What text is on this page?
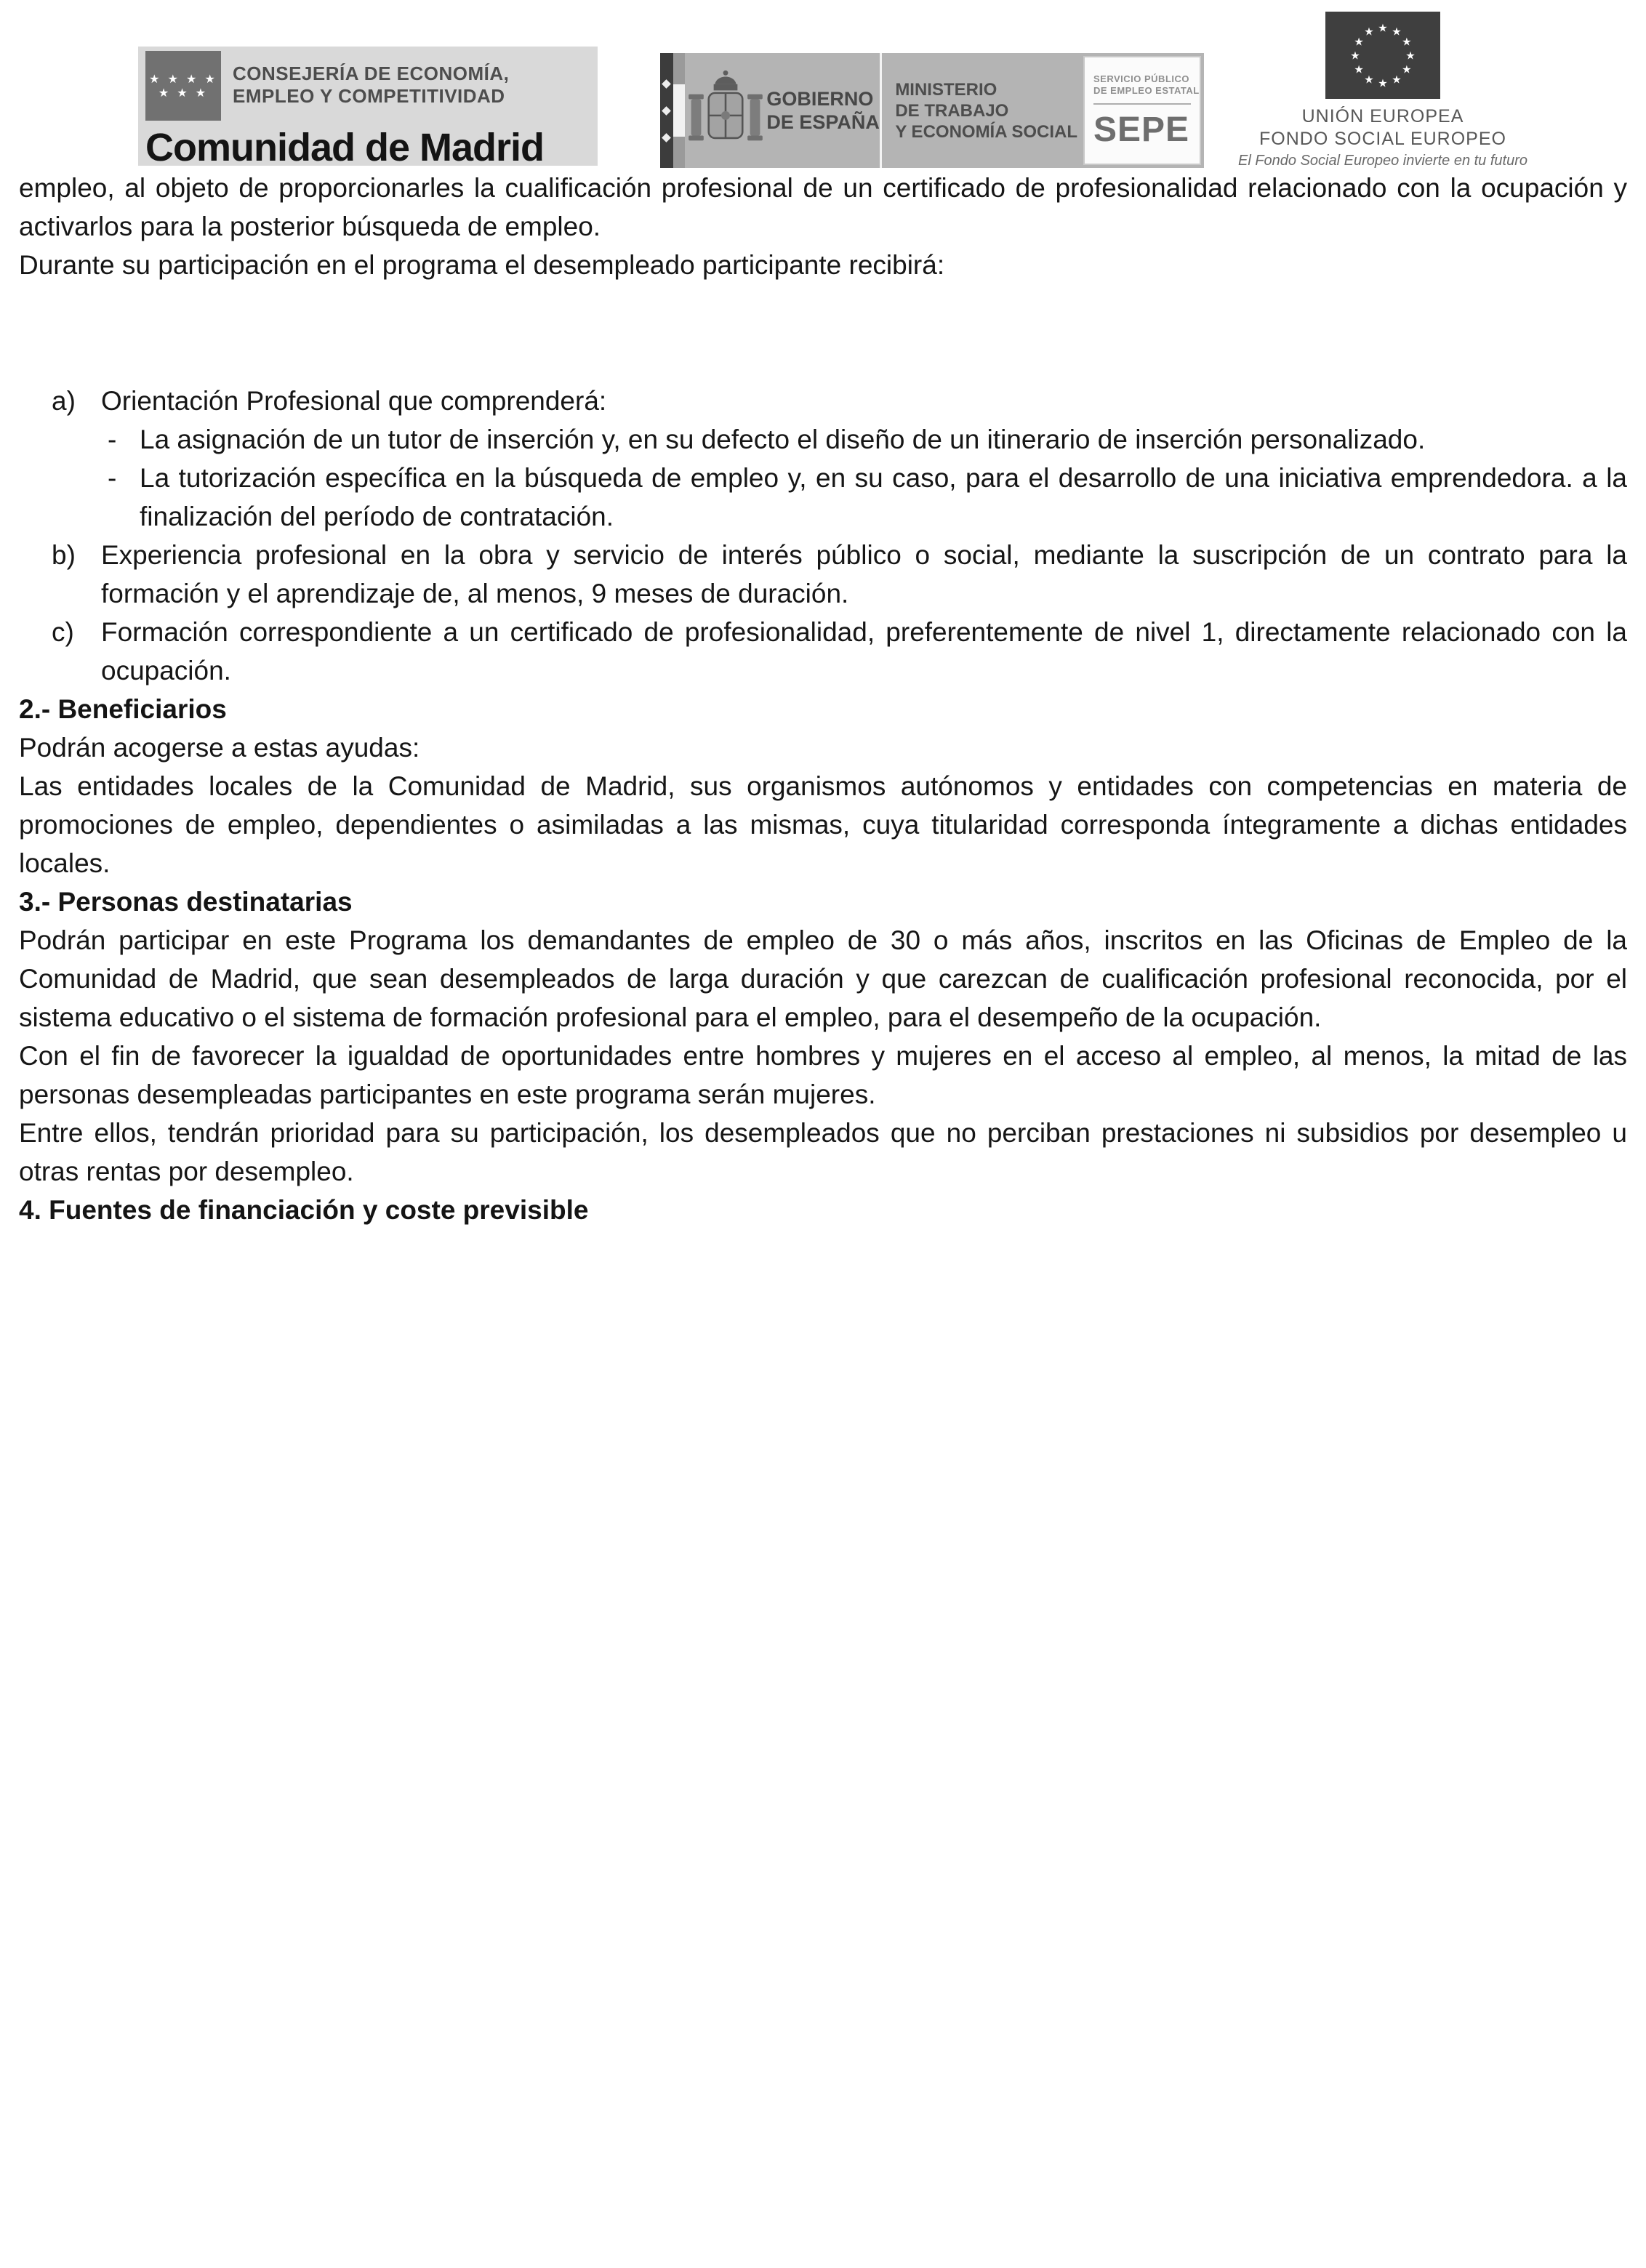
★ ★ ★ ★
★ ★ ★
CONSEJERÍA DE ECONOMÍA,
EMPLEO Y COMPETITIVIDAD
Comunidad de Madrid
GOBIERNO
DE ESPAÑA
MINISTERIO
DE TRABAJO
Y ECONOMÍA SOCIAL
SERVICIO PÚBLICO
DE EMPLEO ESTATAL
SEPE
★ ★
★
★
★
★
★
★
★
★
★
★
UNIÓN EUROPEA
FONDO SOCIAL EUROPEO
El Fondo Social Europeo invierte en tu futuro

empleo, al objeto de proporcionarles la cualificación profesional de un certificado de profesionalidad relacionado con la ocupación y activarlos para la posterior búsqueda de empleo.

Durante su participación en el programa el desempleado participante recibirá:

a) Orientación Profesional que comprenderá:
- La asignación de un tutor de inserción y, en su defecto el diseño de un itinerario de inserción personalizado.
- La tutorización específica en la búsqueda de empleo y, en su caso, para el desarrollo de una iniciativa emprendedora. a la finalización del período de contratación.
b) Experiencia profesional en la obra y servicio de interés público o social, mediante la suscripción de un contrato para la formación y el aprendizaje de, al menos, 9 meses de duración.
c)	Formación correspondiente a un certificado de profesionalidad, preferentemente de nivel 1, directamente relacionado con la ocupación.
2.- Beneficiarios

Podrán acogerse a estas ayudas:

Las entidades locales de la Comunidad de Madrid, sus organismos autónomos y entidades con competencias en materia de promociones de empleo, dependientes o asimiladas a las mismas, cuya titularidad corresponda íntegramente a dichas entidades locales.

3.- Personas destinatarias

Podrán participar en este Programa los demandantes de empleo de 30 o más años, inscritos en las Oficinas de Empleo de la Comunidad de Madrid, que sean desempleados de larga duración y que carezcan de cualificación profesional reconocida, por el sistema educativo o el sistema de formación profesional para el empleo, para el desempeño de la ocupación.

Con el fin de favorecer la igualdad de oportunidades entre hombres y mujeres en el acceso al empleo, al menos, la mitad de las personas desempleadas participantes en este programa serán mujeres.

Entre ellos, tendrán prioridad para su participación, los desempleados que no perciban prestaciones ni subsidios por desempleo u otras rentas por desempleo.

4. Fuentes de financiación y coste previsible
